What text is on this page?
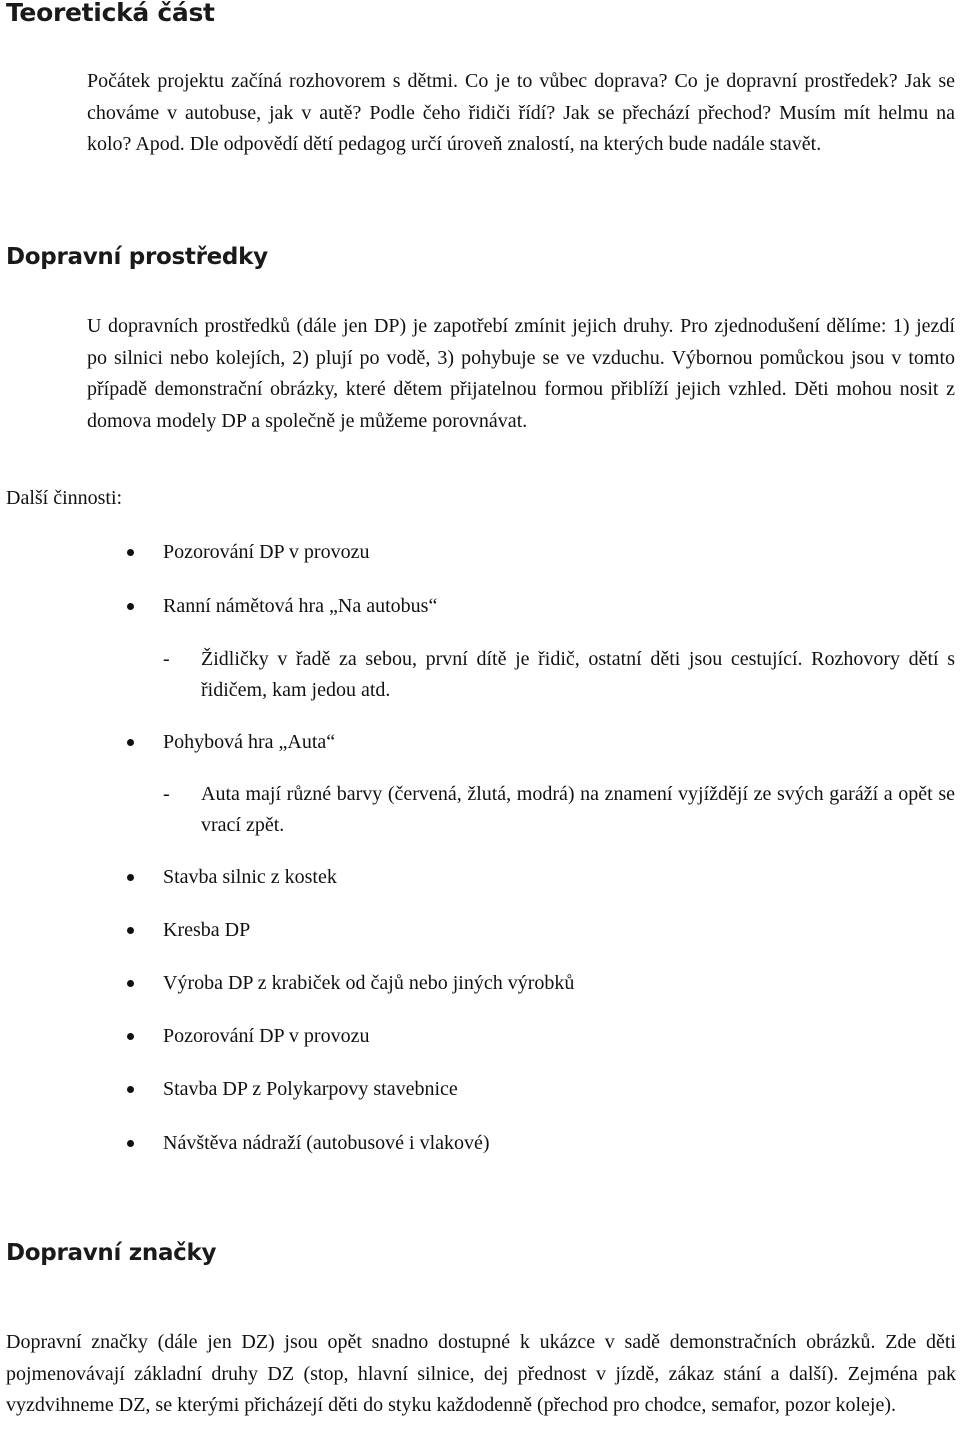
Teoretická část

Počátek projektu začíná rozhovorem s dětmi. Co je to vůbec doprava? Co je dopravní prostředek? Jak se chováme v autobuse, jak v autě? Podle čeho řidiči řídí? Jak se přechází přechod? Musím mít helmu na kolo? Apod. Dle odpovědí dětí pedagog určí úroveň znalostí, na kterých bude nadále stavět.

Dopravní prostředky

U dopravních prostředků (dále jen DP) je zapotřebí zmínit jejich druhy. Pro zjednodušení dělíme: 1) jezdí po silnici nebo kolejích, 2) plují po vodě, 3) pohybuje se ve vzduchu. Výbornou pomůckou jsou v tomto případě demonstrační obrázky, které dětem přijatelnou formou přiblíží jejich vzhled. Děti mohou nosit z domova modely DP a společně je můžeme porovnávat.

Další činnosti:

Pozorování DP v provozu
Ranní námětová hra „Na autobus“
- Židličky v řadě za sebou, první dítě je řidič, ostatní děti jsou cestující. Rozhovory dětí s řidičem, kam jedou atd.
Pohybová hra „Auta“
- Auta mají různé barvy (červená, žlutá, modrá) na znamení vyjíždějí ze svých garáží a opět se vrací zpět.
Stavba silnic z kostek
Kresba DP
Výroba DP z krabiček od čajů nebo jiných výrobků
Pozorování DP v provozu
Stavba DP z Polykarpovy stavebnice
Návštěva nádraží (autobusové i vlakové)
Dopravní značky

Dopravní značky (dále jen DZ) jsou opět snadno dostupné k ukázce v sadě demonstračních obrázků. Zde děti pojmenovávají základní druhy DZ (stop, hlavní silnice, dej přednost v jízdě, zákaz stání a další). Zejména pak vyzdvihneme DZ, se kterými přicházejí děti do styku každodenně (přechod pro chodce, semafor, pozor koleje).
